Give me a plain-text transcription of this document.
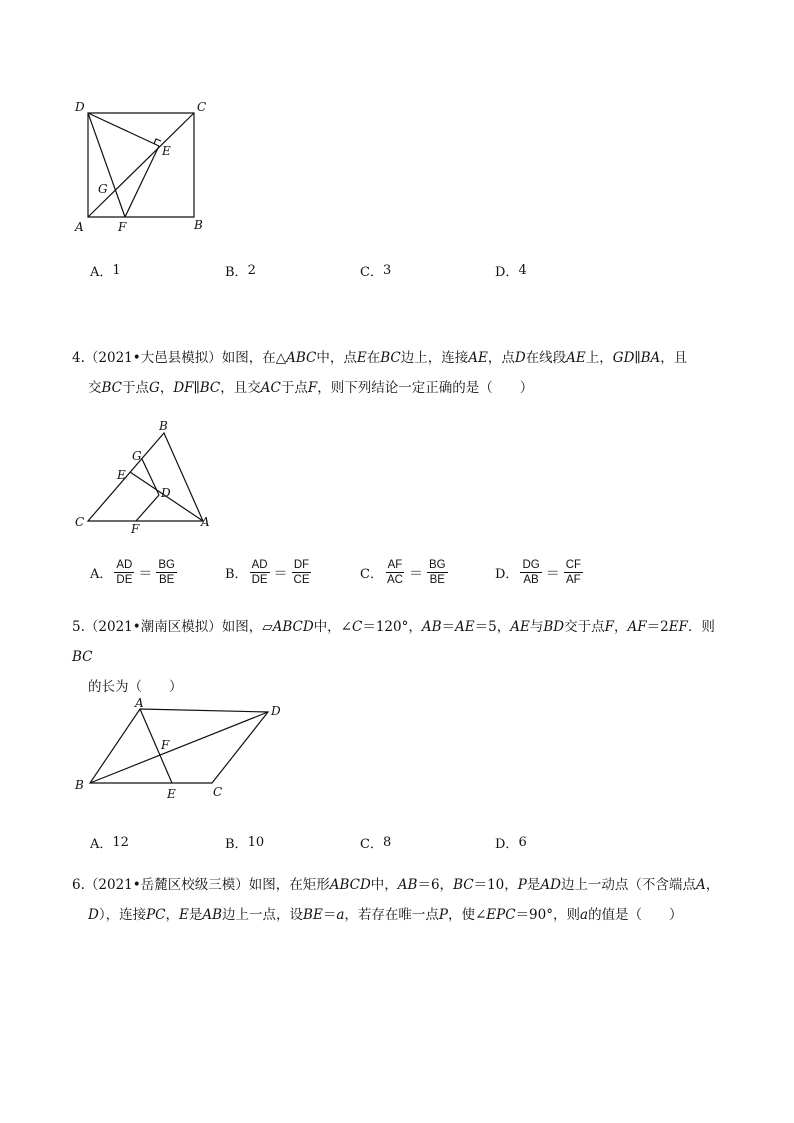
D	C
E
G
A	F	B
A． 1	B． 2	C． 3	D． 4
4.（2021•大邑县模拟）如图，在△ABC中，点E在BC边上，连接AE，点D在线段AE上，GD∥BA，且
交BC于点G，DF∥BC，且交AC于点F，则下列结论一定正确的是（　　）
B
G
E
D
C	F	A
A． $\frac{AD}{DE} = \frac{BG}{BE}$	B． $\frac{AD}{DE} = \frac{DF}{CE}$	C． $\frac{AF}{AC} = \frac{BG}{BE}$	D． $\frac{DG}{AB} = \frac{CF}{AF}$
5.（2021•潮南区模拟）如图，▱ABCD中，∠C＝120°，AB＝AE＝5，AE与BD交于点F，AF＝2EF．则BC
的长为（　　）
A
D
F
B
E	C
A． 12	B． 10	C． 8	D． 6
6.（2021•岳麓区校级三模）如图，在矩形ABCD中，AB＝6，BC＝10，P是AD边上一动点（不含端点A，
D），连接PC，E是AB边上一点，设BE＝a，若存在唯一点P，使∠EPC＝90°，则a的值是（　　）
